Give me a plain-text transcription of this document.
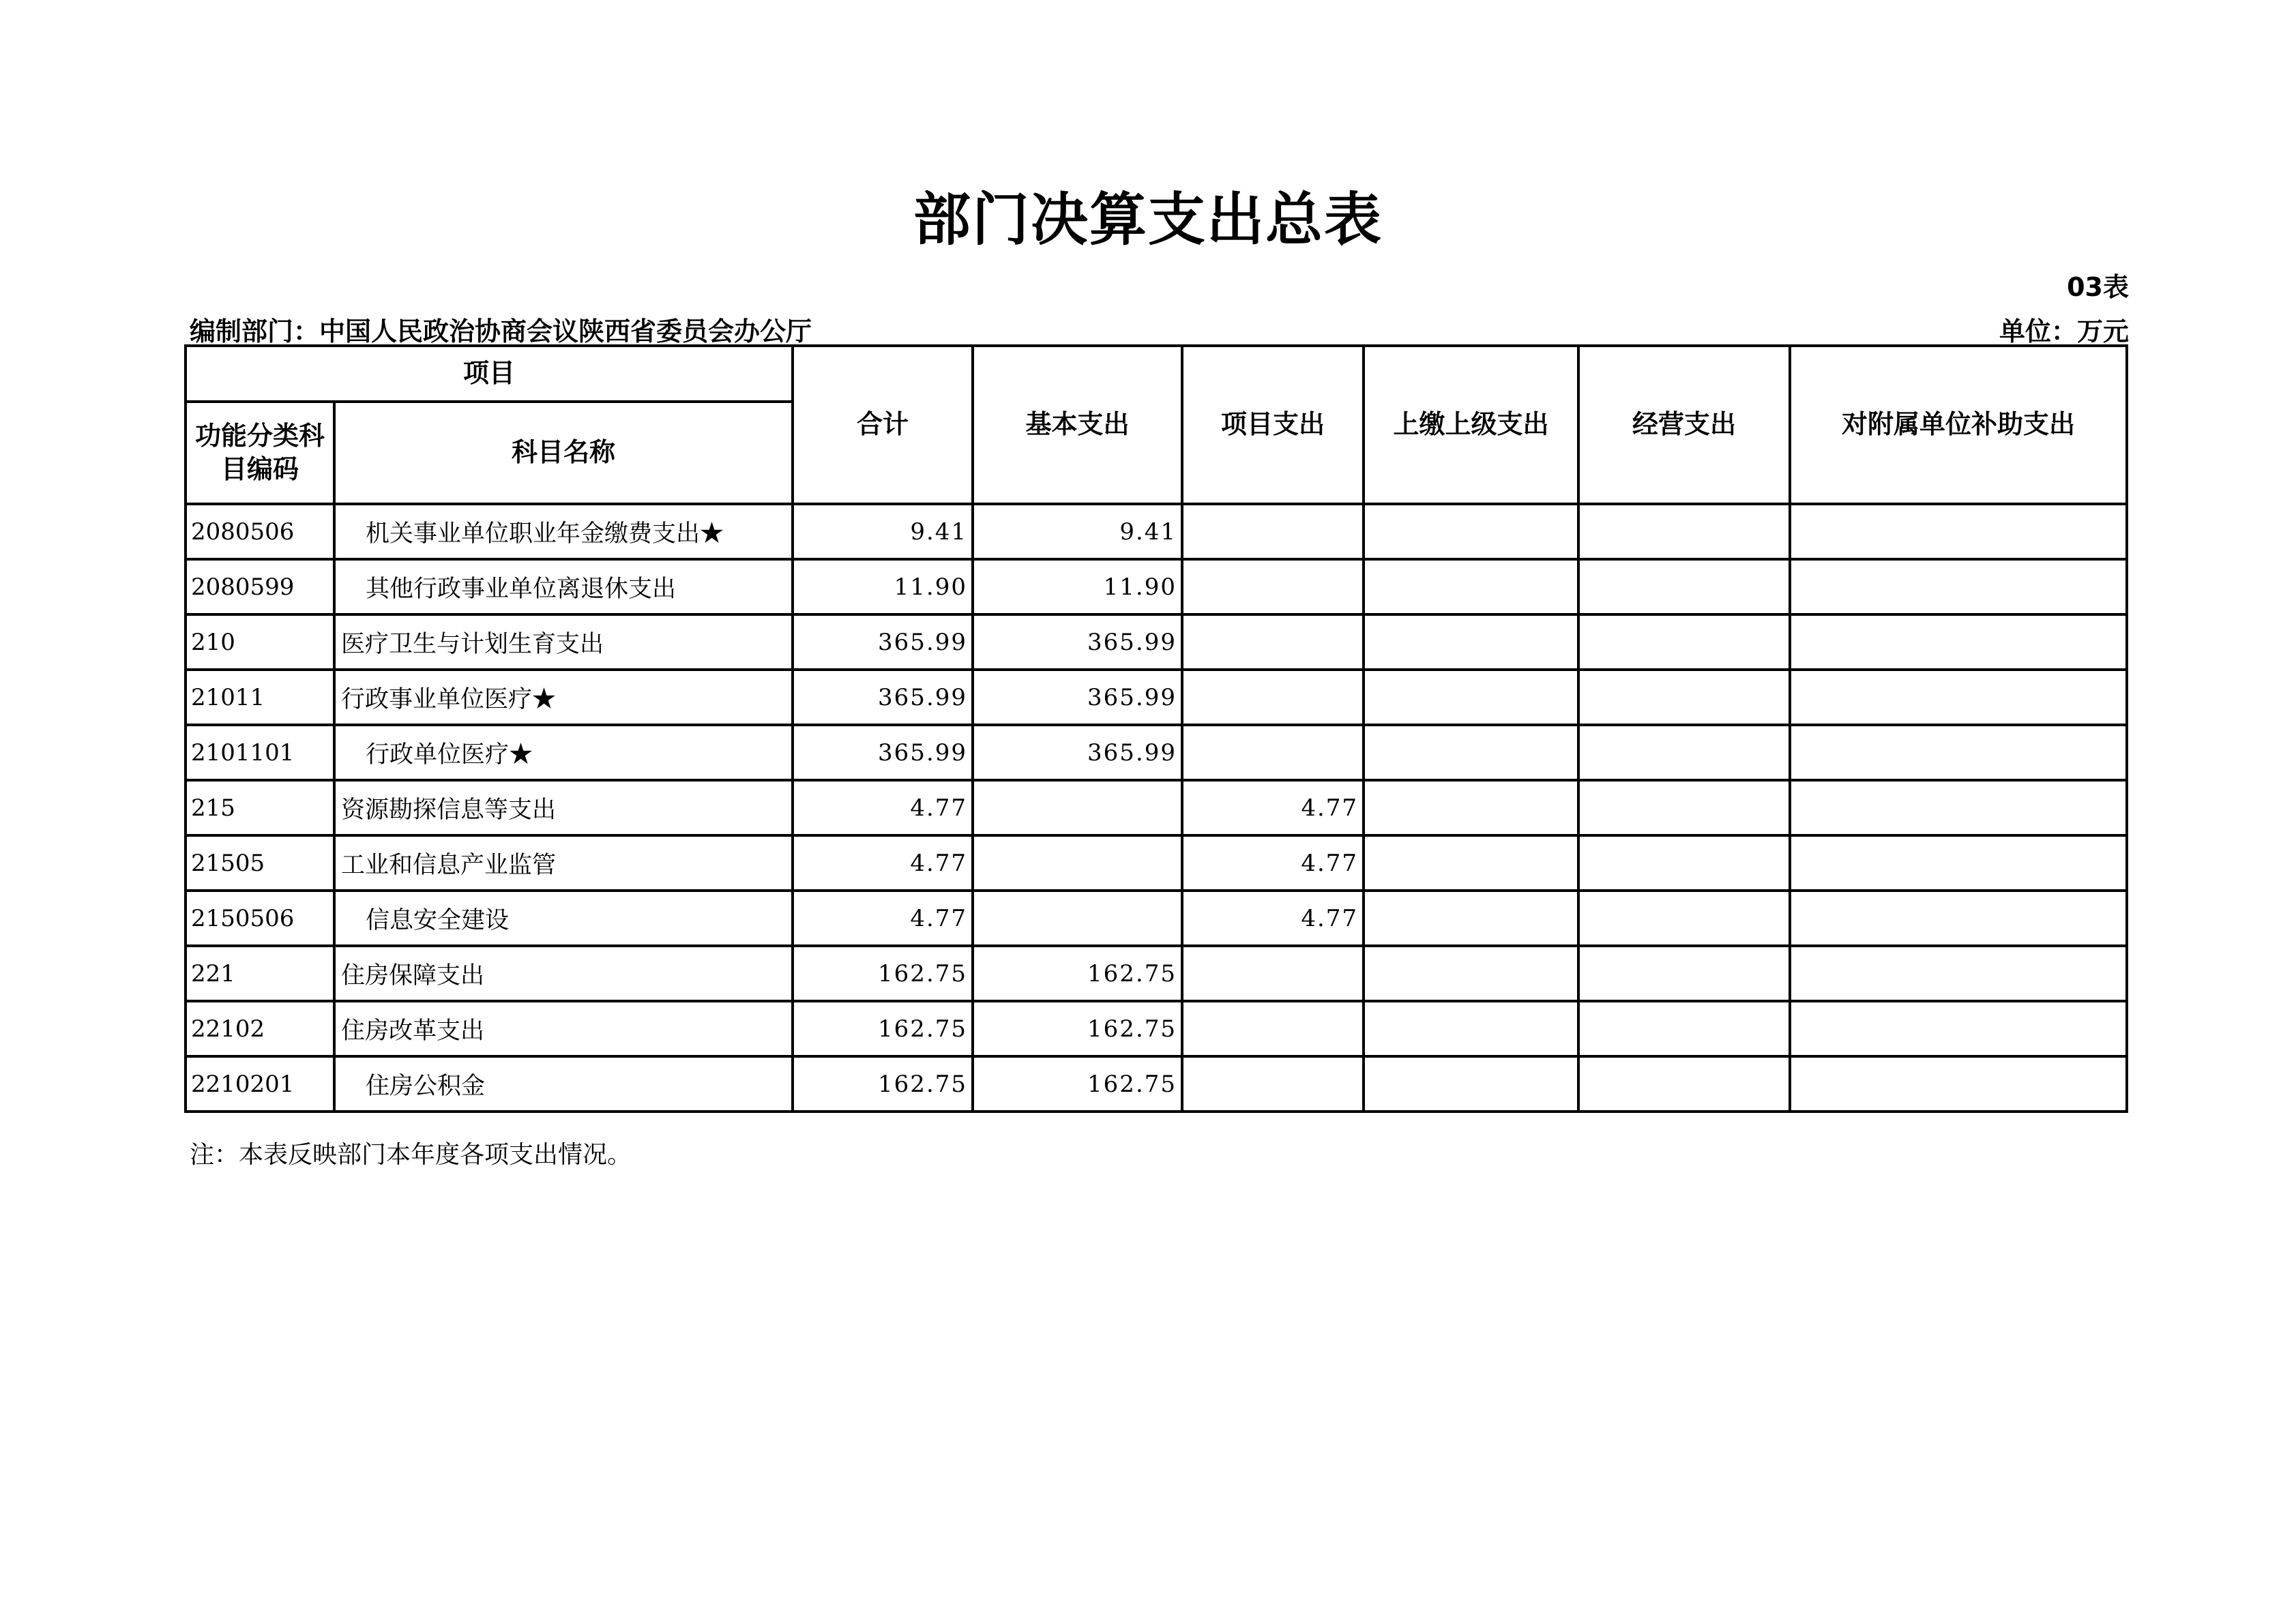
部门决算支出总表
03表
编制部门：中国人民政治协商会议陕西省委员会办公厅	单位：万元
项目		合计	基本支出	项目支出	上缴上级支出	经营支出	对附属单位补助支出
功能分类科目编码	科目名称						
2080506	机关事业单位职业年金缴费支出★	9.41	9.41				
2080599	其他行政事业单位离退休支出	11.90	11.90				
210	医疗卫生与计划生育支出	365.99	365.99				
21011	行政事业单位医疗★	365.99	365.99				
2101101	行政单位医疗★	365.99	365.99				
215	资源勘探信息等支出	4.77		4.77			
21505	工业和信息产业监管	4.77		4.77			
2150506	信息安全建设	4.77		4.77			
221	住房保障支出	162.75	162.75				
22102	住房改革支出	162.75	162.75				
2210201	住房公积金	162.75	162.75				
注：本表反映部门本年度各项支出情况。
